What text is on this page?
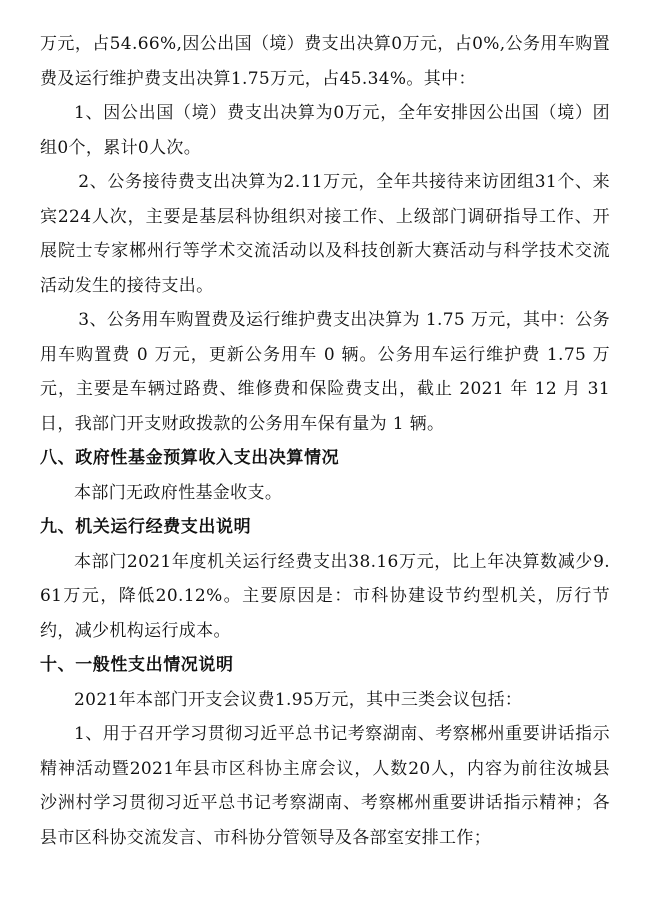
万元，占54.66%,因公出国（境）费支出决算0万元，占0%,公务用车购置费及运行维护费支出决算1.75万元，占45.34%。其中：

1、因公出国（境）费支出决算为0万元，全年安排因公出国（境）团组0个，累计0人次。

2、公务接待费支出决算为2.11万元，全年共接待来访团组31个、来宾224人次，主要是基层科协组织对接工作、上级部门调研指导工作、开展院士专家郴州行等学术交流活动以及科技创新大赛活动与科学技术交流活动发生的接待支出。

3、公务用车购置费及运行维护费支出决算为 1.75 万元，其中：公务用车购置费 0 万元，更新公务用车 0 辆。公务用车运行维护费 1.75 万元，主要是车辆过路费、维修费和保险费支出，截止 2021 年 12 月 31 日，我部门开支财政拨款的公务用车保有量为 1 辆。

八、政府性基金预算收入支出决算情况

本部门无政府性基金收支。

九、机关运行经费支出说明

本部门2021年度机关运行经费支出38.16万元，比上年决算数减少9.61万元，降低20.12%。主要原因是：市科协建设节约型机关，厉行节约，减少机构运行成本。

十、一般性支出情况说明

2021年本部门开支会议费1.95万元，其中三类会议包括：

1、用于召开学习贯彻习近平总书记考察湖南、考察郴州重要讲话指示精神活动暨2021年县市区科协主席会议，人数20人，内容为前往汝城县沙洲村学习贯彻习近平总书记考察湖南、考察郴州重要讲话指示精神；各县市区科协交流发言、市科协分管领导及各部室安排工作；
